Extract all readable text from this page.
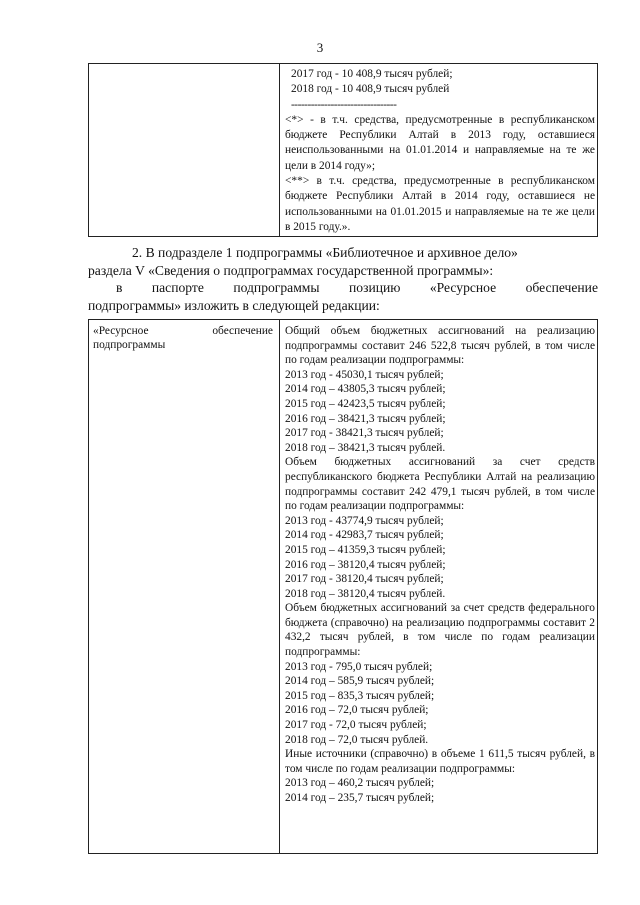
3
2017 год - 10 408,9 тысяч рублей;
2018 год - 10 408,9 тысяч рублей
--------------------------------
<*> - в т.ч. средства, предусмотренные в республиканском бюджете Республики Алтай в 2013 году, оставшиеся неиспользованными на 01.01.2014 и направляемые на те же цели в 2014 году»;
<**> в т.ч. средства, предусмотренные в республиканском бюджете Республики Алтай в 2014 году, оставшиеся не использованными на 01.01.2015 и направляемые на те же цели в 2015 году.».
2. В подразделе 1 подпрограммы «Библиотечное и архивное дело»
раздела V «Сведения о подпрограммах государственной программы»:
в паспорте подпрограммы позицию «Ресурсное обеспечение
подпрограммы» изложить в следующей редакции:
«Ресурсное обеспечение подпрограммы
Общий объем бюджетных ассигнований на реализацию подпрограммы составит 246 522,8 тысяч рублей, в том числе по годам реализации подпрограммы:
2013 год - 45030,1 тысяч рублей;
2014 год – 43805,3 тысяч рублей;
2015 год – 42423,5 тысяч рублей;
2016 год – 38421,3 тысяч рублей;
2017 год - 38421,3 тысяч рублей;
2018 год – 38421,3 тысяч рублей.
Объем бюджетных ассигнований за счет средств республиканского бюджета Республики Алтай на реализацию подпрограммы составит 242 479,1 тысяч рублей, в том числе по годам реализации подпрограммы:
2013 год - 43774,9 тысяч рублей;
2014 год - 42983,7 тысяч рублей;
2015 год – 41359,3 тысяч рублей;
2016 год – 38120,4 тысяч рублей;
2017 год - 38120,4 тысяч рублей;
2018 год – 38120,4 тысяч рублей.
Объем бюджетных ассигнований за счет средств федерального бюджета (справочно) на реализацию подпрограммы составит 2 432,2 тысяч рублей, в том числе по годам реализации подпрограммы:
2013 год - 795,0 тысяч рублей;
2014 год – 585,9 тысяч рублей;
2015 год – 835,3 тысяч рублей;
2016 год – 72,0 тысяч рублей;
2017 год - 72,0 тысяч рублей;
2018 год – 72,0 тысяч рублей.
Иные источники (справочно) в объеме 1 611,5 тысяч рублей, в том числе по годам реализации подпрограммы:
2013 год – 460,2 тысяч рублей;
2014 год – 235,7 тысяч рублей;
